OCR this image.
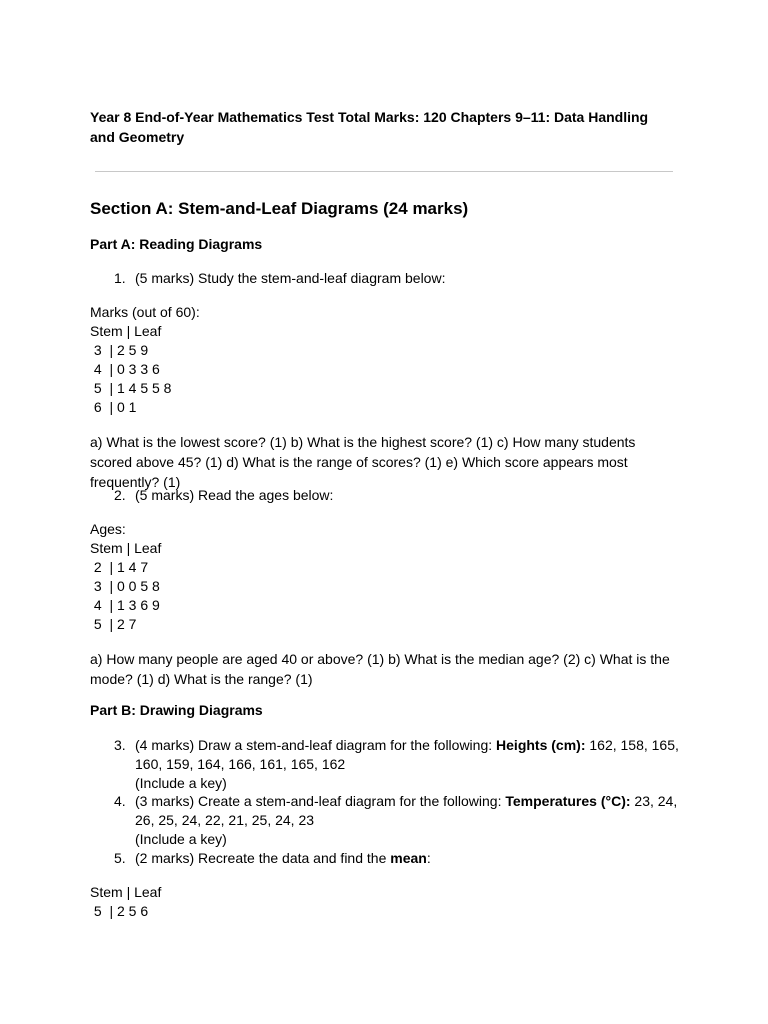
Year 8 End-of-Year Mathematics Test Total Marks: 120 Chapters 9–11: Data Handling and Geometry
Section A: Stem-and-Leaf Diagrams (24 marks)
Part A: Reading Diagrams
1. (5 marks) Study the stem-and-leaf diagram below:
Marks (out of 60):
Stem | Leaf
3  | 2 5 9
4  | 0 3 3 6
5  | 1 4 5 5 8
6  | 0 1
a) What is the lowest score? (1) b) What is the highest score? (1) c) How many students scored above 45? (1) d) What is the range of scores? (1) e) Which score appears most frequently? (1)
2. (5 marks) Read the ages below:
Ages:
Stem | Leaf
2  | 1 4 7
3  | 0 0 5 8
4  | 1 3 6 9
5  | 2 7
a) How many people are aged 40 or above? (1) b) What is the median age? (2) c) What is the mode? (1) d) What is the range? (1)
Part B: Drawing Diagrams
3. (4 marks) Draw a stem-and-leaf diagram for the following: Heights (cm): 162, 158, 165, 160, 159, 164, 166, 161, 165, 162
(Include a key)
4. (3 marks) Create a stem-and-leaf diagram for the following: Temperatures (°C): 23, 24, 26, 25, 24, 22, 21, 25, 24, 23
(Include a key)
5. (2 marks) Recreate the data and find the mean:
Stem | Leaf
5  | 2 5 6
